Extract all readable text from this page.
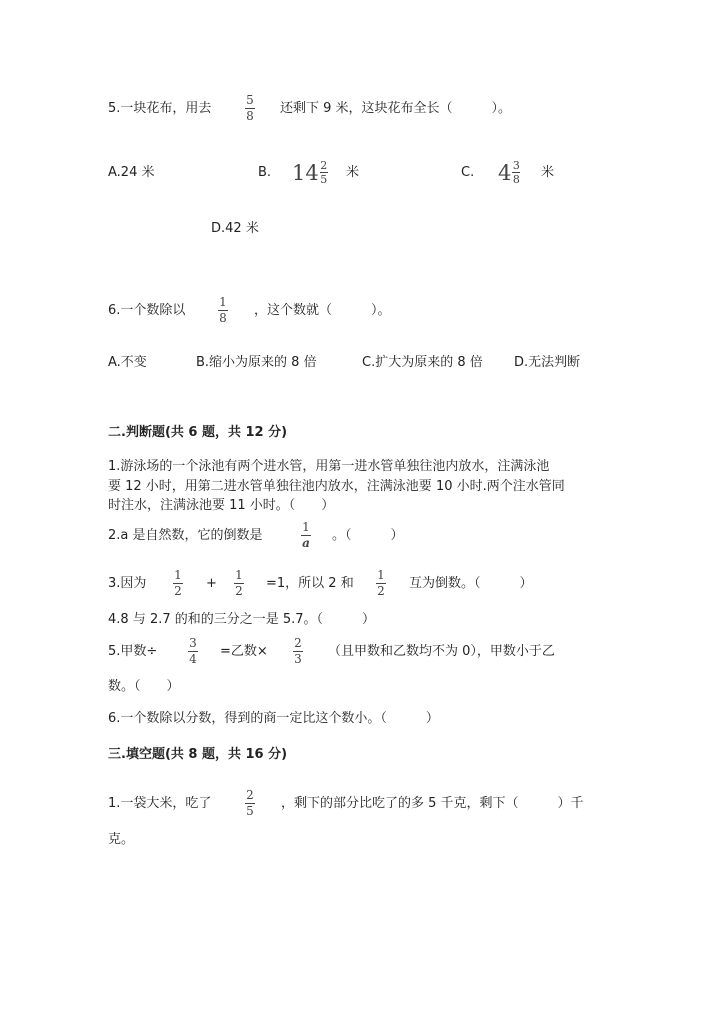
5.一块花布，用去
5
8 还剩下 9 米，这块花布全长（　　　）。
A.24 米	B. $14 \frac{2}{5}$ 米	C. $4 \frac{3}{8}$ 米
D.42 米
6.一个数除以
1
8 ，这个数就（　　　）。
A.不变	B.缩小为原来的 8 倍	C.扩大为原来的 8 倍 D.无法判断
二.判断题(共 6 题，共 12 分)
1.游泳场的一个泳池有两个进水管，用第一进水管单独往池内放水，注满泳池
要 12 小时，用第二进水管单独往池内放水，注满泳池要 10 小时.两个注水管同
时注水，注满泳池要 11 小时。（　　）
2.a 是自然数，它的倒数是
1
a 。（　　　）
3.因为
1
2 +
1
2 =1，所以 2 和
1
2 互为倒数。（　　　）
4.8 与 2.7 的和的三分之一是 5.7。（　　　）
5.甲数÷
3
4 =乙数×
2
3 （且甲数和乙数均不为 0），甲数小于乙
数。（　　）
6.一个数除以分数，得到的商一定比这个数小。（　　　）
三.填空题(共 8 题，共 16 分)
1.一袋大米，吃了
2
5 ，剩下的部分比吃了的多 5 千克，剩下（　　　）千
克。
